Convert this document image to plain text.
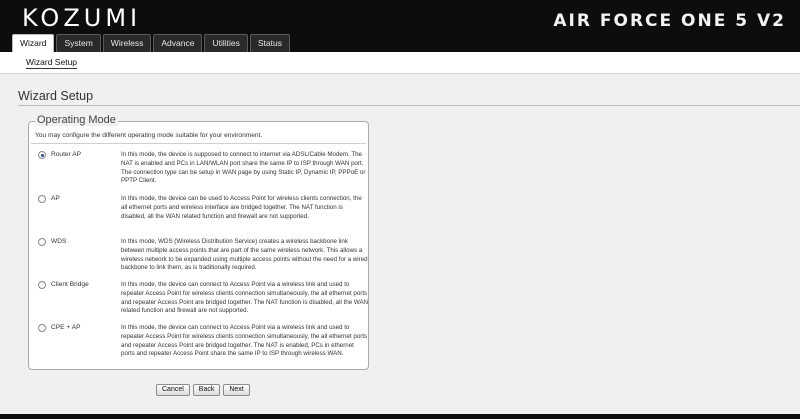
KOZUMI	AIR FORCE ONE 5 V2
Wizard	System	Wireless	Advance	Utilities	Status
Wizard Setup
Wizard Setup
Operating Mode
You may configure the different operating mode suitable for your environment.
Router AP	In this mode, the device is supposed to connect to internet via ADSL/Cable Modem. The NAT is enabled and PCs in LAN/WLAN port share the same IP to ISP through WAN port. The connection type can be setup in WAN page by using Static IP, Dynamic IP, PPPoE or PPTP Client.
AP	In this mode, the device can be used to Access Point for wireless clients connection, the all ethernet ports and wireless interface are bridged together. The NAT function is disabled, all the WAN related function and firewall are not supported.
WDS	In this mode, WDS (Wireless Distribution Service) creates a wireless backbone link between multiple access points that are part of the same wireless network. This allows a wireless network to be expanded using multiple access points without the need for a wired backbone to link them, as is traditionally required.
Client Bridge	In this mode, the device can connect to Access Point via a wireless link and used to repeater Access Point for wireless clients connection simultaneously, the all ethernet ports and repeater Access Point are bridged together. The NAT function is disabled, all the WAN related function and firewall are not supported.
CPE + AP	In this mode, the device can connect to Access Point via a wireless link and used to repeater Access Point for wireless clients connection simultaneously, the all ethernet ports and repeater Access Point are bridged together. The NAT is enabled, PCs in ethernet ports and repeater Access Point share the same IP to ISP through wireless WAN.
Cancel	Back	Next
